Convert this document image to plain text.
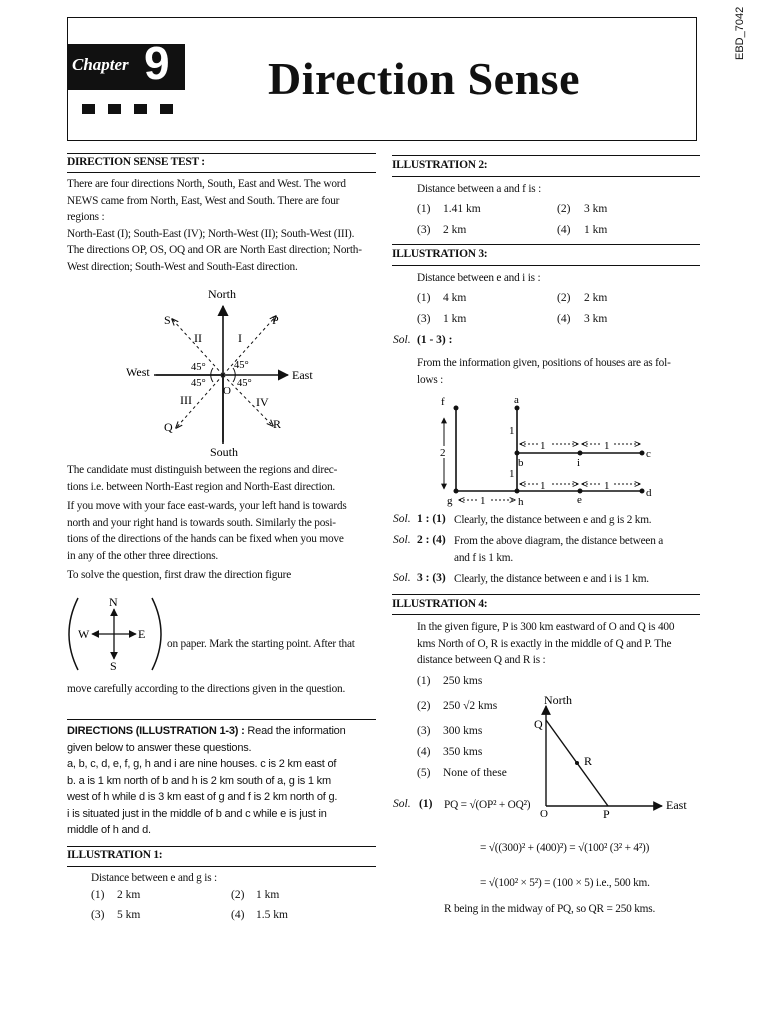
EBD_7042
Chapter 9 Direction Sense
DIRECTION SENSE TEST :
There are four directions North, South, East and West. The word
NEWS came from North, East, West and South. There are four
regions :
North-East (I); South-East (IV); North-West (II); South-West (III).
The directions OP, OS, OQ and OR are North East direction; North-
West direction; South-West and South-East direction.
North
South
West	East
S	P
Q	R
O
I
II
III	IV
45°	45°
45°	45°
The candidate must distinguish between the regions and direc-
tions i.e. between North-East region and North-East direction.
If you move with your face east-wards, your left hand is towards
north and your right hand is towards south. Similarly the posi-
tions of the directions of the hands can be fixed when you move
in any of the other three directions.
To solve the question, first draw the direction figure
N
S
E
W
on paper. Mark the starting point. After that
move carefully according to the directions given in the question.
DIRECTIONS (ILLUSTRATION 1-3) : Read the information
given below to answer these questions.
a, b, c, d, e, f, g, h and i are nine houses. c is 2 km east of
b. a is 1 km north of b and h is 2 km south of a, g is 1 km
west of h while d is 3 km east of g and f is 2 km north of g.
i is situated just in the middle of b and c while e is just in
middle of h and d.
ILLUSTRATION 1:
Distance between e and g is :
(1) 2 km	(2) 1 km
(3) 5 km	(4) 1.5 km
ILLUSTRATION 2:
Distance between a and f is :
(1) 1.41 km	(2) 3 km
(3) 2 km	(4) 1 km
ILLUSTRATION 3:
Distance between e and i is :
(1) 4 km	(2) 2 km
(3) 1 km	(4) 3 km
Sol. (1 - 3) :
From the information given, positions of houses are as fol-
lows :
1	1
1	1
1
2
1
1
f	a
b
c
i
d
e
g	h
Sol. 1 : (1) Clearly, the distance between e and g is 2 km.
Sol. 2 : (4) From the above diagram, the distance between a
and f is 1 km.
Sol. 3 : (3) Clearly, the distance between e and i is 1 km.
ILLUSTRATION 4:
In the given figure, P is 300 km eastward of O and Q is 400
kms North of O, R is exactly in the middle of Q and P. The
distance between Q and R is :
(1) 250 kms
(2) 250 √2 kms
(3) 300 kms
(4) 350 kms
(5) None of these
North
East
Q
R
P
O
Sol. (1) PQ = √(OP² + OQ²)
= √((300)² + (400)²) = √(100² (3² + 4²))
= √(100² × 5²) = (100 × 5) i.e., 500 km.
R being in the midway of PQ, so QR = 250 kms.
